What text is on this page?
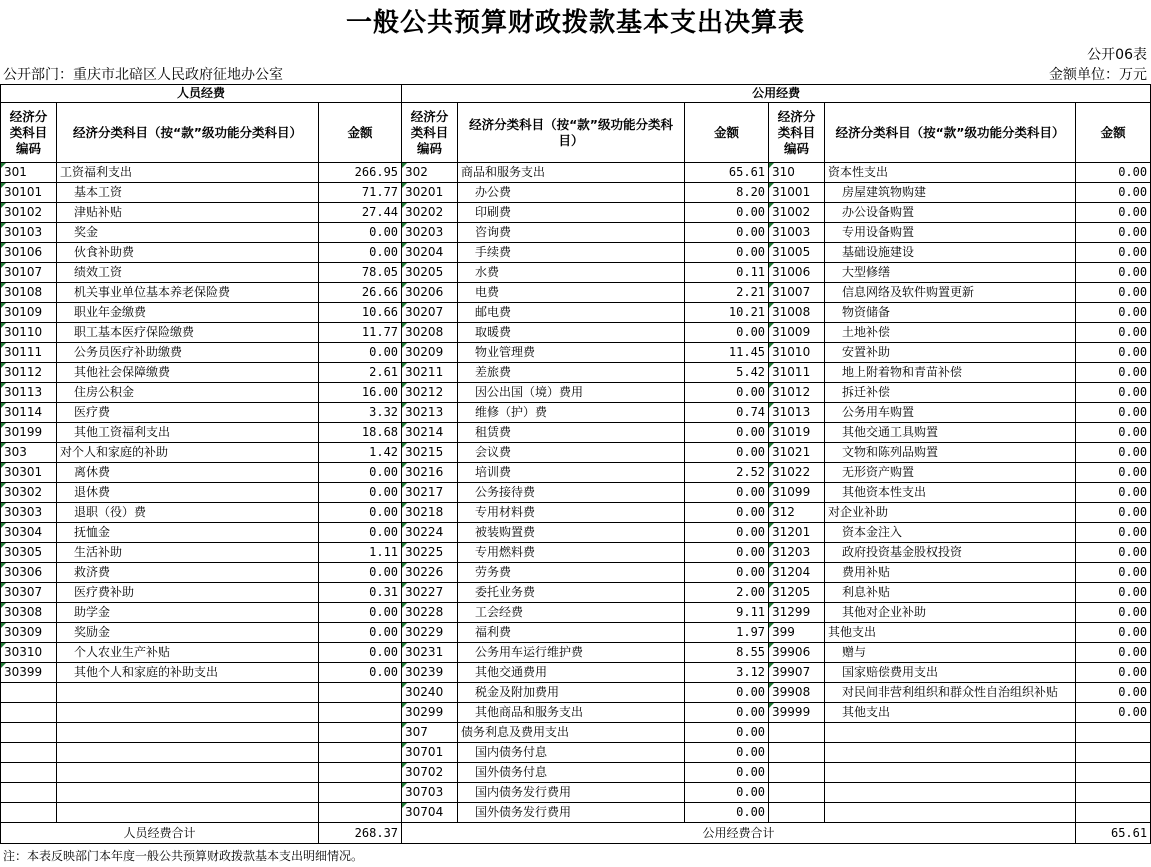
一般公共预算财政拨款基本支出决算表
公开06表
公开部门：重庆市北碚区人民政府征地办公室	金额单位：万元
人员经费			公用经费					
经济分类科目编码	经济分类科目（按“款”级功能分类科目）	金额	经济分类科目编码	经济分类科目（按“款”级功能分类科目）	金额	经济分类科目编码	经济分类科目（按“款”级功能分类科目）	金额
301	工资福利支出	266.95	302	商品和服务支出	65.61	310	资本性支出	0.00
30101	基本工资	71.77	30201	办公费	8.20	31001	房屋建筑物购建	0.00
30102	津贴补贴	27.44	30202	印刷费	0.00	31002	办公设备购置	0.00
30103	奖金	0.00	30203	咨询费	0.00	31003	专用设备购置	0.00
30106	伙食补助费	0.00	30204	手续费	0.00	31005	基础设施建设	0.00
30107	绩效工资	78.05	30205	水费	0.11	31006	大型修缮	0.00
30108	机关事业单位基本养老保险费	26.66	30206	电费	2.21	31007	信息网络及软件购置更新	0.00
30109	职业年金缴费	10.66	30207	邮电费	10.21	31008	物资储备	0.00
30110	职工基本医疗保险缴费	11.77	30208	取暖费	0.00	31009	土地补偿	0.00
30111	公务员医疗补助缴费	0.00	30209	物业管理费	11.45	31010	安置补助	0.00
30112	其他社会保障缴费	2.61	30211	差旅费	5.42	31011	地上附着物和青苗补偿	0.00
30113	住房公积金	16.00	30212	因公出国（境）费用	0.00	31012	拆迁补偿	0.00
30114	医疗费	3.32	30213	维修（护）费	0.74	31013	公务用车购置	0.00
30199	其他工资福利支出	18.68	30214	租赁费	0.00	31019	其他交通工具购置	0.00
303	对个人和家庭的补助	1.42	30215	会议费	0.00	31021	文物和陈列品购置	0.00
30301	离休费	0.00	30216	培训费	2.52	31022	无形资产购置	0.00
30302	退休费	0.00	30217	公务接待费	0.00	31099	其他资本性支出	0.00
30303	退职（役）费	0.00	30218	专用材料费	0.00	312	对企业补助	0.00
30304	抚恤金	0.00	30224	被装购置费	0.00	31201	资本金注入	0.00
30305	生活补助	1.11	30225	专用燃料费	0.00	31203	政府投资基金股权投资	0.00
30306	救济费	0.00	30226	劳务费	0.00	31204	费用补贴	0.00
30307	医疗费补助	0.31	30227	委托业务费	2.00	31205	利息补贴	0.00
30308	助学金	0.00	30228	工会经费	9.11	31299	其他对企业补助	0.00
30309	奖励金	0.00	30229	福利费	1.97	399	其他支出	0.00
30310	个人农业生产补贴	0.00	30231	公务用车运行维护费	8.55	39906	赠与	0.00
30399	其他个人和家庭的补助支出	0.00	30239	其他交通费用	3.12	39907	国家赔偿费用支出	0.00
			30240	税金及附加费用	0.00	39908	对民间非营利组织和群众性自治组织补贴	0.00
			30299	其他商品和服务支出	0.00	39999	其他支出	0.00
			307	债务利息及费用支出	0.00			
			30701	国内债务付息	0.00			
			30702	国外债务付息	0.00			
			30703	国内债务发行费用	0.00			
			30704	国外债务发行费用	0.00			
人员经费合计		268.37	公用经费合计					65.61
注：本表反映部门本年度一般公共预算财政拨款基本支出明细情况。
